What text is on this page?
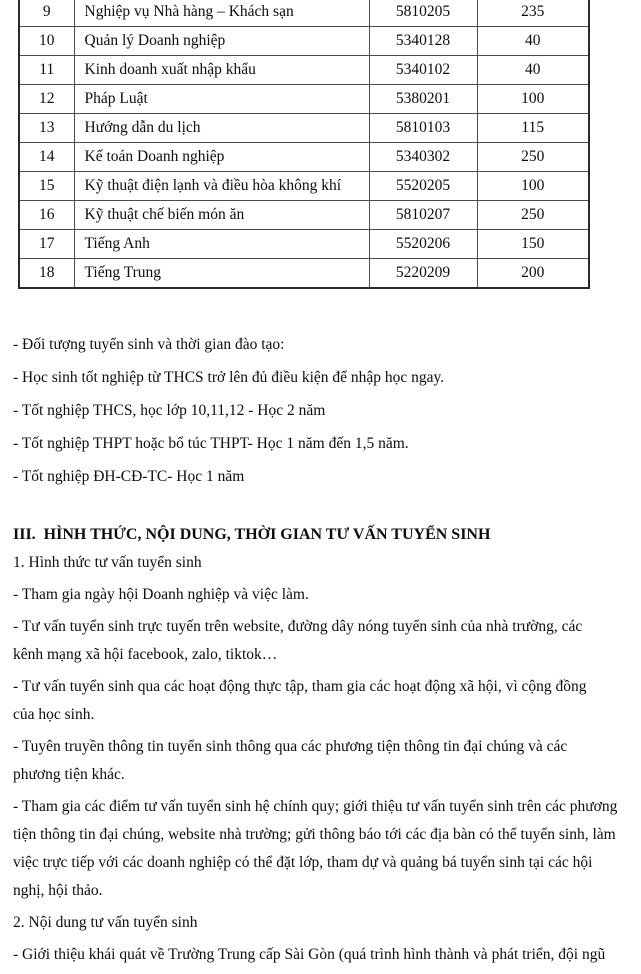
9	Nghiệp vụ Nhà hàng – Khách sạn	5810205	235
10	Quản lý Doanh nghiệp	5340128	40
11	Kinh doanh xuất nhập khẩu	5340102	40
12	Pháp Luật	5380201	100
13	Hướng dẫn du lịch	5810103	115
14	Kế toán Doanh nghiệp	5340302	250
15	Kỹ thuật điện lạnh và điều hòa không khí	5520205	100
16	Kỹ thuật chế biến món ăn	5810207	250
17	Tiếng Anh	5520206	150
18	Tiếng Trung	5220209	200
- Đối tượng tuyển sinh và thời gian đào tạo:
- Học sinh tốt nghiệp từ THCS trở lên đủ điều kiện để nhập học ngay.
- Tốt nghiệp THCS, học lớp 10,11,12 - Học 2 năm
- Tốt nghiệp THPT hoặc bổ túc THPT- Học 1 năm đến 1,5 năm.
- Tốt nghiệp ĐH-CĐ-TC- Học 1 năm
III.  HÌNH THỨC, NỘI DUNG, THỜI GIAN TƯ VẤN TUYỂN SINH
1. Hình thức tư vấn tuyển sinh
- Tham gia ngày hội Doanh nghiệp và việc làm.
- Tư vấn tuyển sinh trực tuyến trên website, đường dây nóng tuyển sinh của nhà trường, các
kênh mạng xã hội facebook, zalo, tiktok…
- Tư vấn tuyển sinh qua các hoạt động thực tập, tham gia các hoạt động xã hội, vì cộng đồng
của học sinh.
- Tuyên truyền thông tin tuyển sinh thông qua các phương tiện thông tin đại chúng và các
phương tiện khác.
- Tham gia các điểm tư vấn tuyển sinh hệ chính quy; giới thiệu tư vấn tuyển sinh trên các phương
tiện thông tin đại chúng, website nhà trường; gửi thông báo tới các địa bàn có thể tuyển sinh, làm
việc trực tiếp với các doanh nghiệp có thể đặt lớp, tham dự và quảng bá tuyển sinh tại các hội
nghị, hội thảo.
2. Nội dung tư vấn tuyển sinh
- Giới thiệu khái quát về Trường Trung cấp Sài Gòn (quá trình hình thành và phát triển, đội ngũ
